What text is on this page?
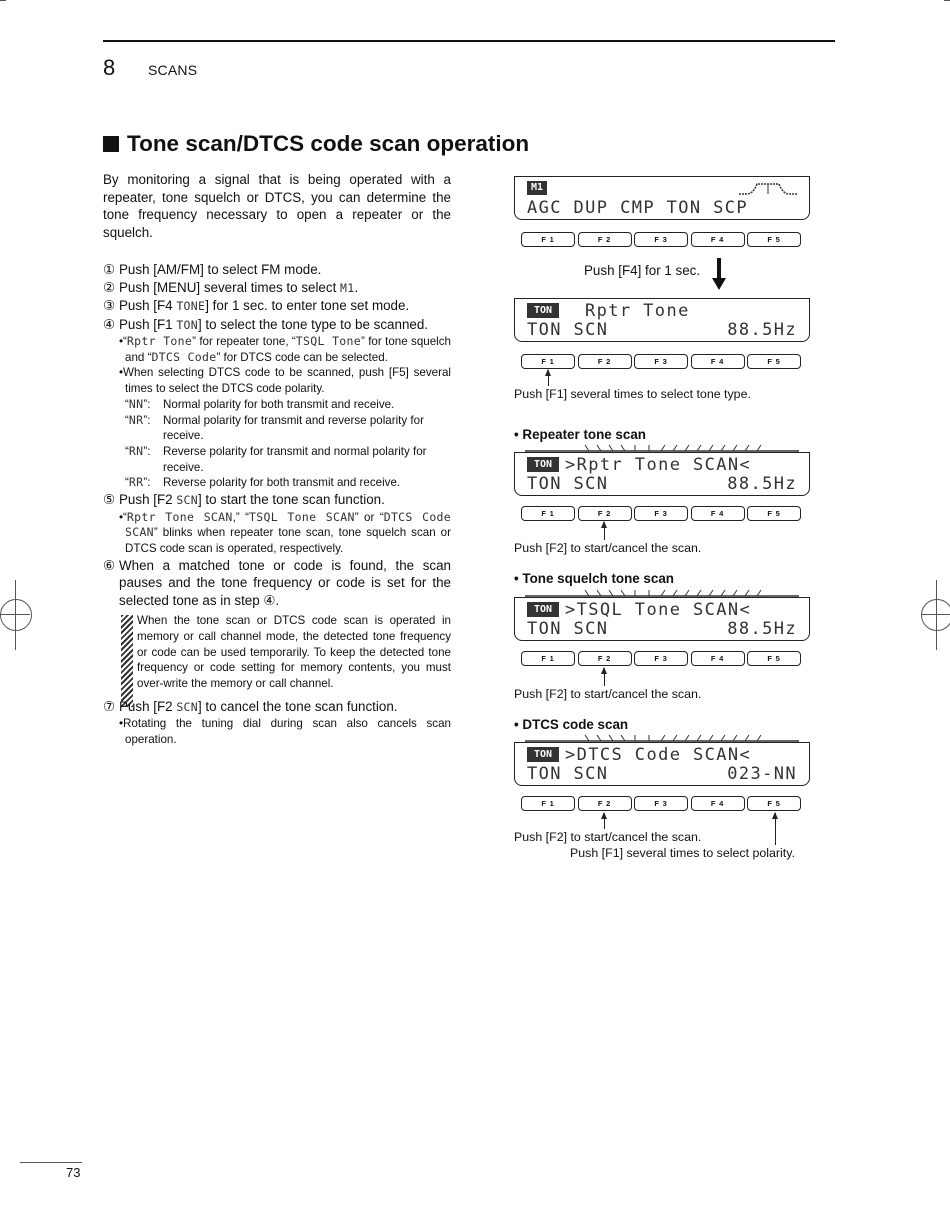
8 SCANS
Tone scan/DTCS code scan operation
By monitoring a signal that is being operated with a repeater, tone squelch or DTCS, you can determine the tone frequency necessary to open a repeater or the squelch.
① Push [AM/FM] to select FM mode.
② Push [MENU] several times to select M1.
③ Push [F4 TONE] for 1 sec. to enter tone set mode.
④ Push [F1 TON] to select the tone type to be scanned.
•“Rptr Tone” for repeater tone, “TSQL Tone” for tone squelch and “DTCS Code” for DTCS code can be selected.
•When selecting DTCS code to be scanned, push [F5] several times to select the DTCS code polarity.
“NN”: Normal polarity for both transmit and receive.
“NR”: Normal polarity for transmit and reverse polarity for receive.
“RN”: Reverse polarity for transmit and normal polarity for receive.
“RR”: Reverse polarity for both transmit and receive.
⑤ Push [F2 SCN] to start the tone scan function.
•“Rptr Tone SCAN,” “TSQL Tone SCAN” or “DTCS Code SCAN” blinks when repeater tone scan, tone squelch scan or DTCS code scan is operated, respectively.
⑥ When a matched tone or code is found, the scan pauses and the tone frequency or code is set for the selected tone as in step ④.
When the tone scan or DTCS code scan is operated in memory or call channel mode, the detected tone frequency or code can be used temporarily. To keep the detected tone frequency or code setting for memory contents, you must over-write the memory or call channel.
⑦ Push [F2 SCN] to cancel the tone scan function.
•Rotating the tuning dial during scan also cancels scan operation.
M1
AGC DUP CMP TON SCP
F 1	F 2	F 3	F 4	F 5
Push [F4] for 1 sec.
TON	Rptr Tone
TON SCN	88.5Hz
F 1	F 2	F 3	F 4	F 5
Push [F1] several times to select tone type.
• Repeater tone scan
TON >Rptr Tone SCAN<
TON SCN	88.5Hz
F 1	F 2	F 3	F 4	F 5
Push [F2] to start/cancel the scan.
• Tone squelch tone scan
TON >TSQL Tone SCAN<
TON SCN	88.5Hz
F 1	F 2	F 3	F 4	F 5
Push [F2] to start/cancel the scan.
• DTCS code scan
TON >DTCS Code SCAN<
TON SCN	023-NN
F 1	F 2	F 3	F 4	F 5
Push [F2] to start/cancel the scan.
Push [F1] several times to select polarity.
73
